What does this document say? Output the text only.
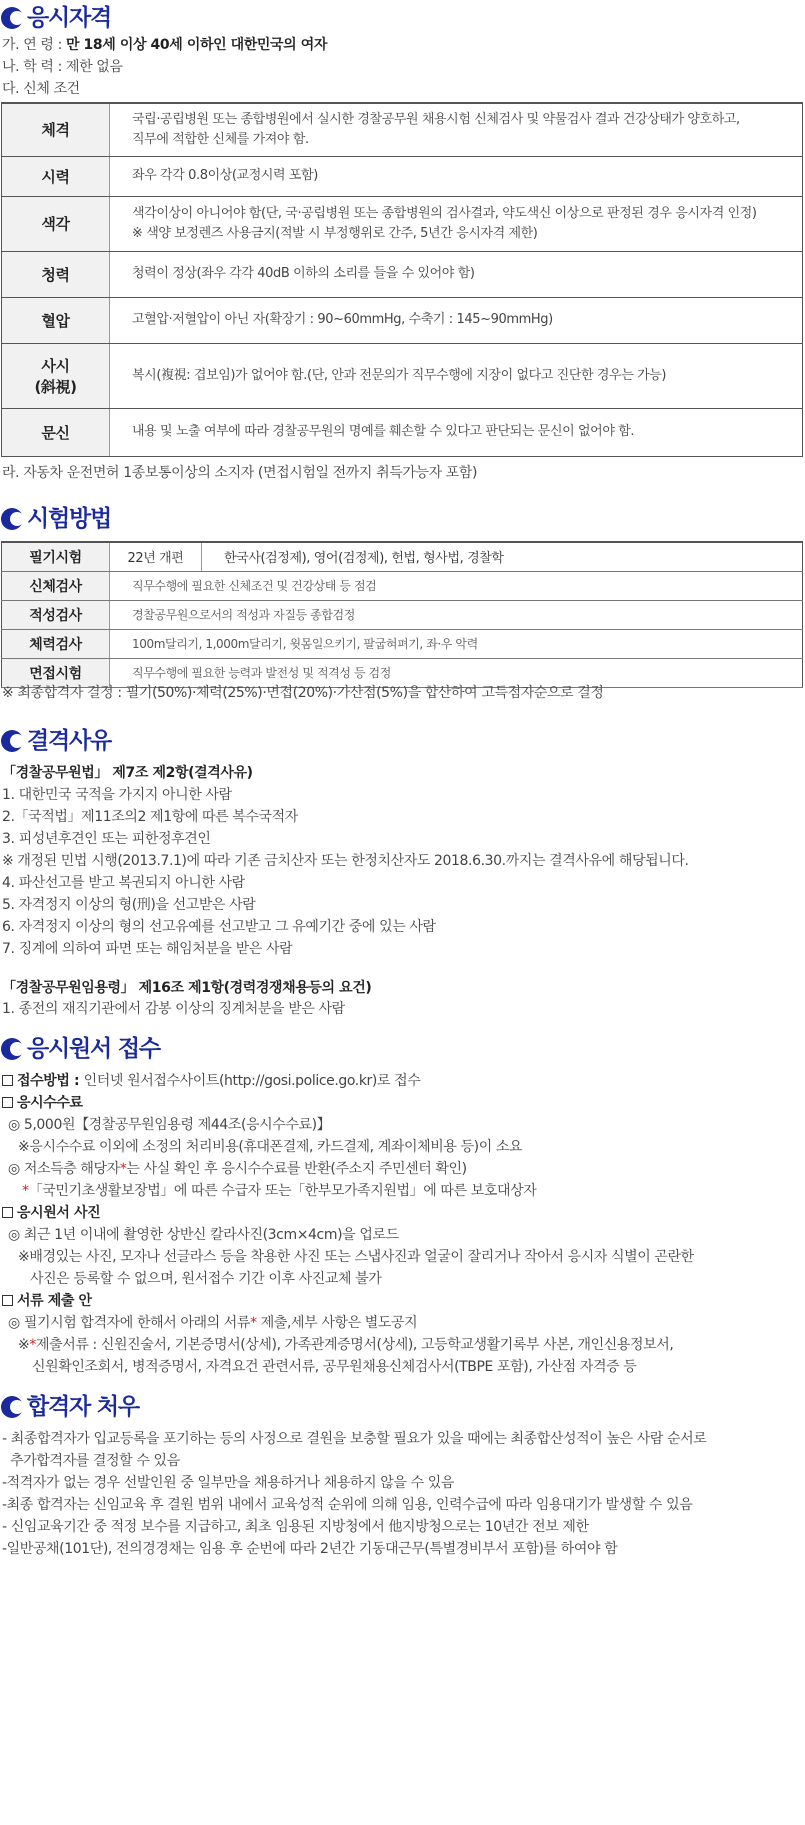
응시자격
가. 연 령 : 만 18세 이상 40세 이하인 대한민국의 여자
나. 학 력 : 제한 없음
다. 신체 조건
체격	국립·공립병원 또는 종합병원에서 실시한 경찰공무원 채용시험 신체검사 및 약물검사 결과 건강상태가 양호하고,
직무에 적합한 신체를 가져야 함.

시력	좌우 각각 0.8이상(교정시력 포함)

색각	색각이상이 아니어야 함(단, 국·공립병원 또는 종합병원의 검사결과, 약도색신 이상으로 판정된 경우 응시자격 인정)
※ 색양 보정렌즈 사용금지(적발 시 부정행위로 간주, 5년간 응시자격 제한)

청력	청력이 정상(좌우 각각 40dB 이하의 소리를 들을 수 있어야 함)

혈압	고혈압·저혈압이 아닌 자(확장기 : 90~60mmHg, 수축기 : 145~90mmHg)

사시
(斜視)	복시(複視: 겹보임)가 없어야 함.(단, 안과 전문의가 직무수행에 지장이 없다고 진단한 경우는 가능)

문신	내용 및 노출 여부에 따라 경찰공무원의 명예를 훼손할 수 있다고 판단되는 문신이 없어야 함.
라. 자동차 운전면허 1종보통이상의 소지자 (면접시험일 전까지 취득가능자 포함)
시험방법
필기시험	22년 개편	한국사(검정제), 영어(검정제), 헌법, 형사법, 경찰학
신체검사	직무수행에 필요한 신체조건 및 건강상태 등 점검	
적성검사	경찰공무원으로서의 적성과 자질등 종합검정	
체력검사	100m달리기, 1,000m달리기, 윗몸일으키기, 팔굽혀펴기, 좌·우 악력	
면접시험	직무수행에 필요한 능력과 발전성 및 적격성 등 검정	
※ 최종합격자 결정 : 필기(50%)·체력(25%)·면접(20%)·가산점(5%)을 합산하여 고득점자순으로 결정
결격사유
「경찰공무원법」 제7조 제2항(결격사유)
1. 대한민국 국적을 가지지 아니한 사람
2.「국적법」제11조의2 제1항에 따른 복수국적자
3. 피성년후견인 또는 피한정후견인
※ 개정된 민법 시행(2013.7.1)에 따라 기존 금치산자 또는 한정치산자도 2018.6.30.까지는 결격사유에 해당됩니다.
4. 파산선고를 받고 복권되지 아니한 사람
5. 자격정지 이상의 형(刑)을 선고받은 사람
6. 자격정지 이상의 형의 선고유예를 선고받고 그 유예기간 중에 있는 사람
7. 징계에 의하여 파면 또는 해임처분을 받은 사람
「경찰공무원임용령」 제16조 제1항(경력경쟁채용등의 요건)
1. 종전의 재직기관에서 감봉 이상의 징계처분을 받은 사람
응시원서 접수
접수방법 : 인터넷 원서접수사이트(http://gosi.police.go.kr)로 접수
응시수수료
◎ 5,000원【경찰공무원임용령 제44조(응시수수료)】
※응시수수료 이외에 소정의 처리비용(휴대폰결제, 카드결제, 계좌이체비용 등)이 소요
◎ 저소득층 해당자*는 사실 확인 후 응시수수료를 반환(주소지 주민센터 확인)
*「국민기초생활보장법」에 따른 수급자 또는「한부모가족지원법」에 따른 보호대상자
응시원서 사진
◎ 최근 1년 이내에 촬영한 상반신 칼라사진(3cm×4cm)을 업로드
※배경있는 사진, 모자나 선글라스 등을 착용한 사진 또는 스냅사진과 얼굴이 잘리거나 작아서 응시자 식별이 곤란한
사진은 등록할 수 없으며, 원서접수 기간 이후 사진교체 불가
서류 제출 안
◎ 필기시험 합격자에 한해서 아래의 서류* 제출,세부 사항은 별도공지
※*제출서류 : 신원진술서, 기본증명서(상세), 가족관계증명서(상세), 고등학교생활기록부 사본, 개인신용정보서,
신원확인조회서, 병적증명서, 자격요건 관련서류, 공무원채용신체검사서(TBPE 포함), 가산점 자격증 등
합격자 처우
- 최종합격자가 입교등록을 포기하는 등의 사정으로 결원을 보충할 필요가 있을 때에는 최종합산성적이 높은 사람 순서로
추가합격자를 결정할 수 있음
-적격자가 없는 경우 선발인원 중 일부만을 채용하거나 채용하지 않을 수 있음
-최종 합격자는 신임교육 후 결원 범위 내에서 교육성적 순위에 의해 임용, 인력수급에 따라 임용대기가 발생할 수 있음
- 신임교육기간 중 적정 보수를 지급하고, 최초 임용된 지방청에서 他지방청으로는 10년간 전보 제한
-일반공채(101단), 전의경경채는 임용 후 순번에 따라 2년간 기동대근무(특별경비부서 포함)를 하여야 함
